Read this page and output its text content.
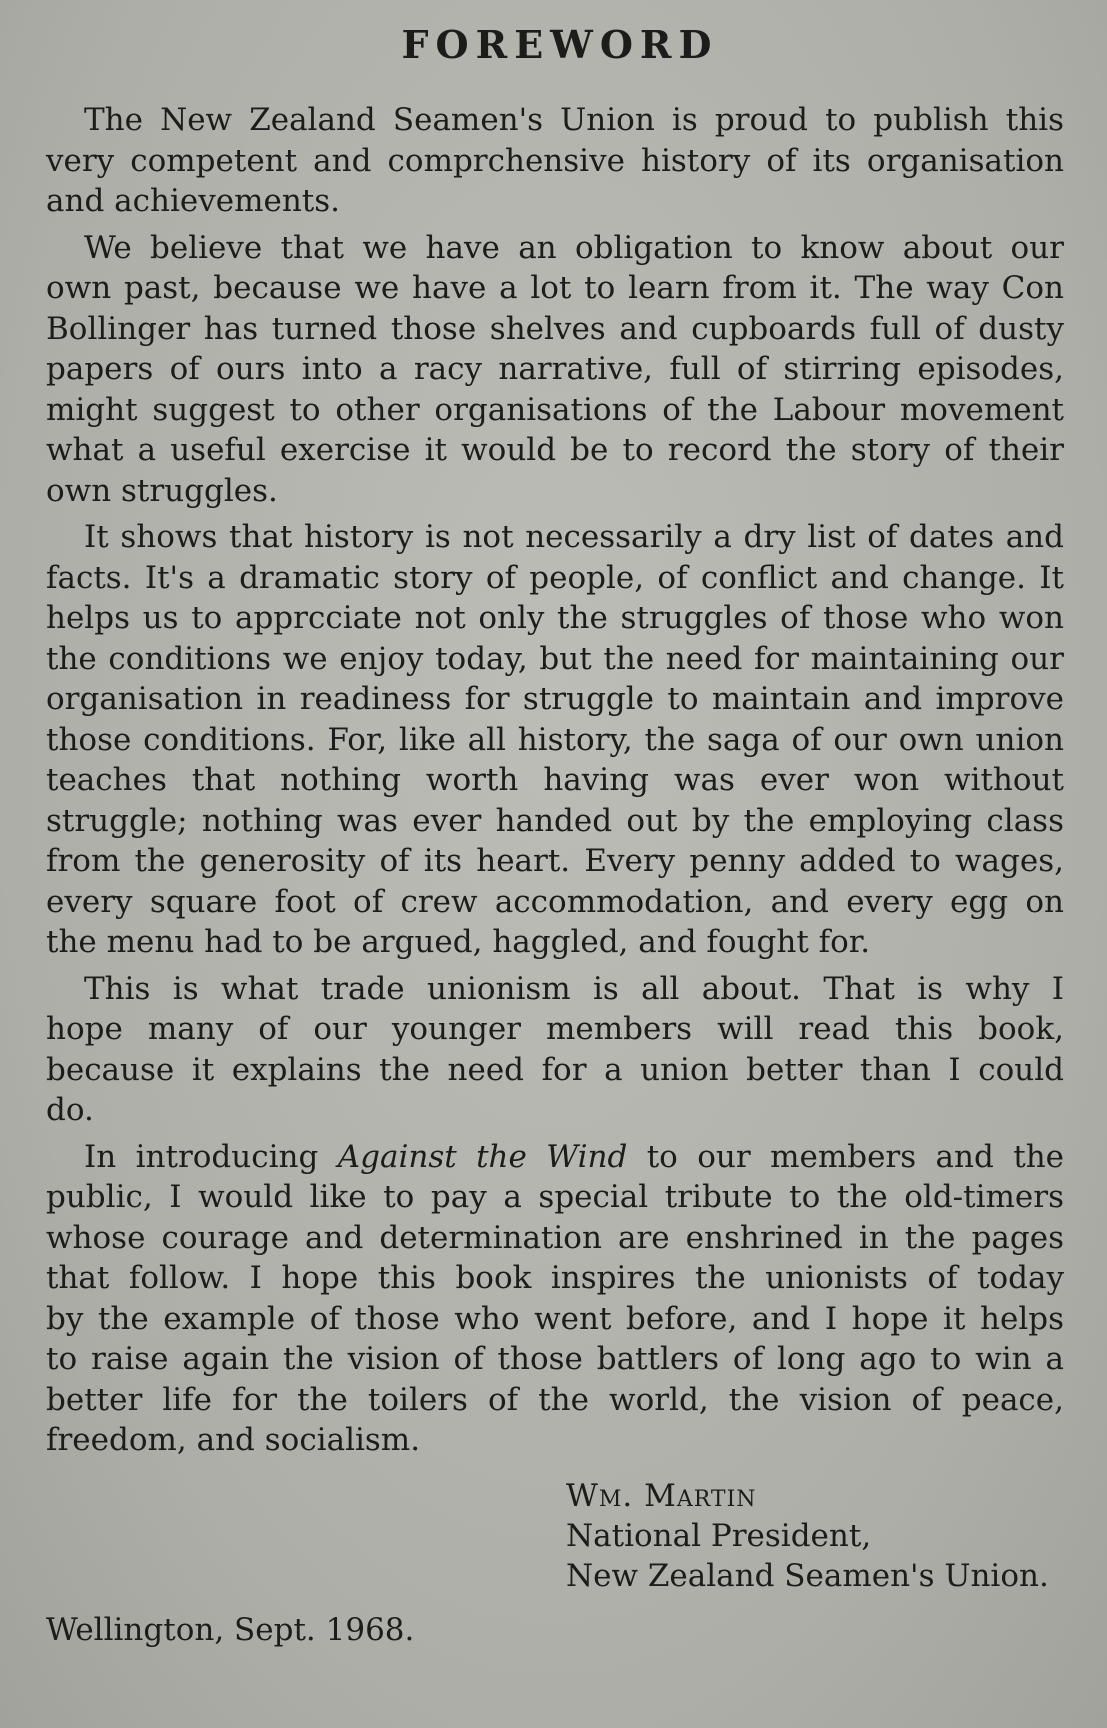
FOREWORD
The New Zealand Seamen's Union is proud to publish this
very competent and comprchensive history of its organisation
and achievements.
We believe that we have an obligation to know about our
own past, because we have a lot to learn from it. The way Con
Bollinger has turned those shelves and cupboards full of dusty
papers of ours into a racy narrative, full of stirring episodes,
might suggest to other organisations of the Labour movement
what a useful exercise it would be to record the story of their
own struggles.
It shows that history is not necessarily a dry list of dates and
facts. It's a dramatic story of people, of conflict and change. It
helps us to apprcciate not only the struggles of those who won
the conditions we enjoy today, but the need for maintaining our
organisation in readiness for struggle to maintain and improve
those conditions. For, like all history, the saga of our own union
teaches that nothing worth having was ever won without
struggle; nothing was ever handed out by the employing class
from the generosity of its heart. Every penny added to wages,
every square foot of crew accommodation, and every egg on
the menu had to be argued, haggled, and fought for.
This is what trade unionism is all about. That is why I
hope many of our younger members will read this book,
because it explains the need for a union better than I could
do.
In introducing Against the Wind to our members and the
public, I would like to pay a special tribute to the old-timers
whose courage and determination are enshrined in the pages
that follow. I hope this book inspires the unionists of today
by the example of those who went before, and I hope it helps
to raise again the vision of those battlers of long ago to win a
better life for the toilers of the world, the vision of peace,
freedom, and socialism.
Wm. Martin
National President,
New Zealand Seamen's Union.
Wellington, Sept. 1968.
